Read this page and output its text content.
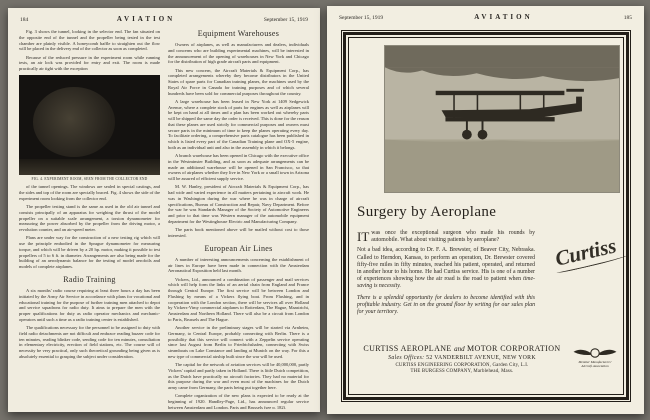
184	AVIATION	September 15, 1919

Fig. 3 shows the tunnel, looking in the selector end. The fan situated on the opposite end of the tunnel and the propeller being tested in the test chamber are plainly visible. A honeycomb baffle to straighten out the flow will be placed in the delivery end of the collector as soon as completed.

Because of the reduced pressure in the experiment room while running tests, an air lock was provided for entry and exit. The room is made practically air tight with the exception

FIG. 4. EXPERIMENT ROOM, SEEN FROM THE COLLECTOR END

of the tunnel openings. The windows are sealed in special castings, and the sides and top of the room are specially braced. Fig. 4 shows the side of the experiment room looking from the collector end.

The propeller testing stand is the same as used in the old air tunnel and consists principally of an apparatus for weighing the thrust of the model propeller on a suitable scale arrangement, a torsion dynamometer for measuring the power absorbed by the propeller from the driving motor, a revolution counter, and an air-speed meter.

Plans are under way for the construction of a new testing rig which will use the principle embodied in the Sprague dynamometer for measuring torque, and which will be driven by a 20 hp. motor, making it possible to test propellers of 5 to 6 ft. in diameter. Arrangements are also being made for the building of an aerodynamic balance for the testing of model aerofoils and models of complete airplanes.

Radio Training

A six months' radio course requiring at least three hours a day has been initiated by the Army Air Service in accordance with plans for vocational and educational training for the purpose of further training men attached to depot and service squadrons for radio duty. It aims to prepare the men with the proper qualifications for duty as radio operator mechanics and mechanic-operators until such a time as a radio training center is established.

The qualifications necessary for the personnel to be assigned to duty with field radio detachments are not difficult and embrace reading buzzer code for ten minutes, reading blinker code, sending code for ten minutes, consultation in elementary electricity, erection of field stations, etc. The course will of necessity be very practical, only such theoretical grounding being given as is absolutely essential to grasping the subject under consideration.

Equipment Warehouses

Owners of airplanes, as well as manufacturers and dealers, individuals and concerns who are building experimental machines, will be interested in the announcement of the opening of warehouses in New York and Chicago for the distribution of high grade aircraft parts and equipment.

This new concern, the Aircraft Materials & Equipment Corp., has completed arrangements whereby they become distributors in the United States of spare parts for Canadian training planes, the machines used by the Royal Air Force in Canada for training purposes and of which several hundreds have been sold for commercial purposes throughout the country.

A large warehouse has been leased in New York at 1409 Sedgewick Avenue, where a complete stock of parts for engines as well as airplanes will be kept on hand at all times and a plan has been worked out whereby parts will be shipped the same day the order is received. This is done for the reason that these planes are used strictly for commercial purposes and owners must secure parts in the minimum of time to keep the planes operating every day. To facilitate ordering, a comprehensive parts catalogue has been published in which is listed every part of the Canadian Training plane and OX-5 engine, both as an individual unit and also in the assembly in which it belongs.

A branch warehouse has been opened in Chicago with the executive office in the Westminster Building, and as soon as adequate arrangements can be made an additional warehouse will be opened in San Francisco, so that owners of airplanes whether they live in New York or a small town in Arizona will be assured of efficient supply service.

M. W. Hanley, president of Aircraft Materials & Equipment Corp., has had wide and varied experience in all matters pertaining to aircraft work. He was in Washington during the war where he was in charge of aircraft specifications, Bureau of Construction and Repair, Navy Department. Before the war he was Standards Manager of the Society of Automotive Engineers and prior to that time was Western manager of the automobile equipment department for the Westinghouse Electric and Manufacturing Company.

The parts book mentioned above will be mailed without cost to those interested.

European Air Lines

A number of interesting announcements concerning the establishment of air lines in Europe have been made in connection with the Amsterdam Aeronautical Exposition held last month.

Vickers, Ltd., announced a combination of passenger and mail services which will help form the links of an aerial chain from England and France through Central Europe. The first service will be between London and Flushing by means of a Vickers flying boat. From Flushing, and in cooperation with the London section, there will be services all over Holland by Vickers-Vimy commercial airplanes to Rotterdam, The Hague, Maastricht, Amsterdam and Northern Holland. There will also be a circuit from London to Paris, Brussels and The Hague.

Another service in the preliminary stages will be started via Arnheim, Germany, to Central Europe, probably connecting with Berlin. There is a possibility that this service will connect with a Zeppelin service operating since last August from Berlin to Friedrichshafen, connecting with Swiss steamboats on Lake Constance and landing at Munich on the way. For this a new type of commercial airship built since the war will be used.

The capital for the network of aviation services will be 40,000,000, partly Vickers' capital and partly taken in Holland. There is little Dutch competition, as the Dutch have practically no aircraft factories. They had no material for this purpose during the war and even most of the machines for the Dutch army came from Germany, the parts being put together here.

Complete organization of the new plans is expected to be ready at the beginning of 1920. Handley-Page, Ltd., has announced regular service between Amsterdam and London, Paris and Brussels (see p. 182).

September 15, 1919	AVIATION	185
Surgery by Aeroplane

IT was once the exceptional surgeon who made his rounds by automobile. What about visiting patients by aeroplane?

Not a bad idea, according to Dr. F. A. Brewster, of Beaver City, Nebraska. Called to Herndon, Kansas, to perform an operation, Dr. Brewster covered fifty-five miles in fifty minutes, reached his patient, operated, and returned in another hour to his home. He had Curtiss service. His is one of a number of experiences showing how the air road is the road to patient when time-saving is necessity.

There is a splendid opportunity for dealers to become identified with this profitable industry. Get in on the ground floor by writing for our sales plan for your territory.

Curtiss
CURTISS AEROPLANE and MOTOR CORPORATION
Sales Offices: 52 VANDERBILT AVENUE, NEW YORK
CURTISS ENGINEERING CORPORATION, Garden City, L.I.
THE BURGESS COMPANY, Marblehead, Mass.
Member Manufacturers'
Aircraft Association
